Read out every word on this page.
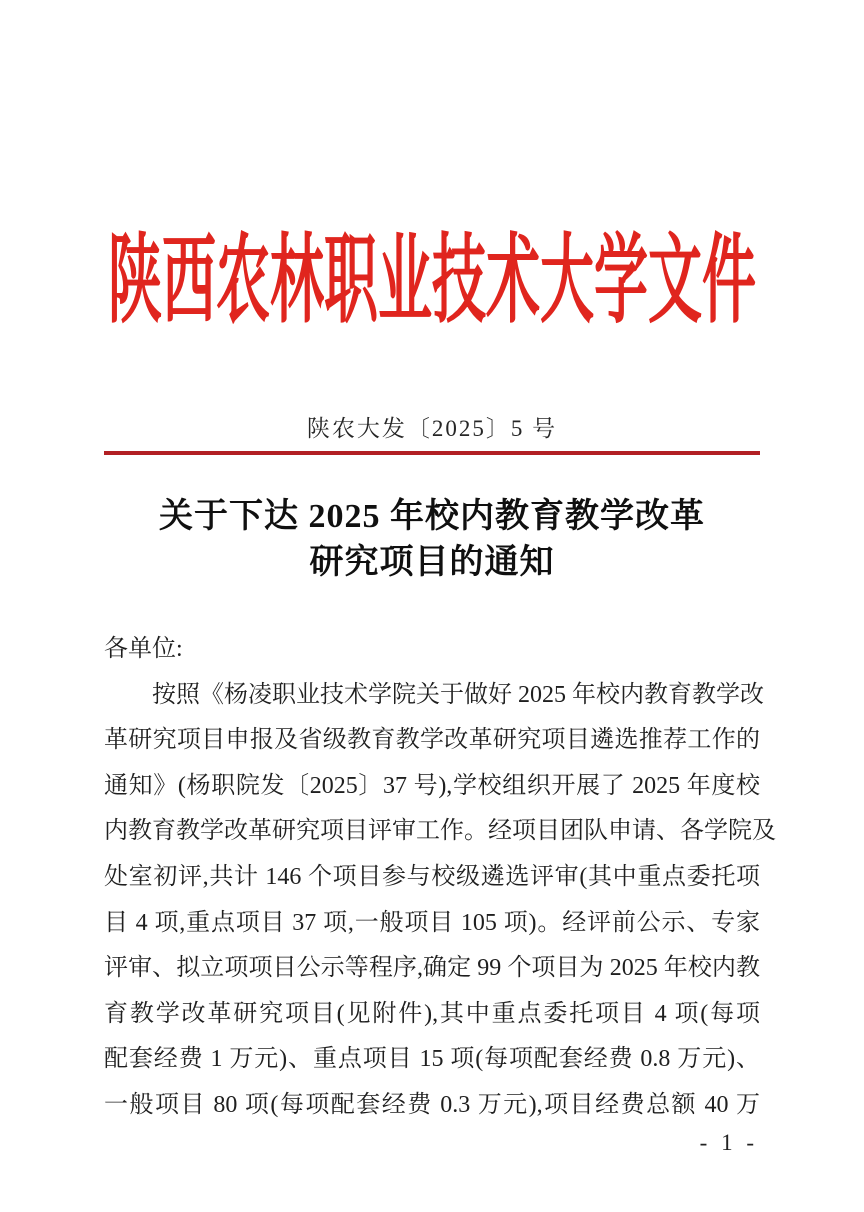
陕西农林职业技术大学文件
陕农大发〔2025〕5 号
关于下达 2025 年校内教育教学改革
研究项目的通知
各单位:
　　按照《杨凌职业技术学院关于做好 2025 年校内教育教学改
革研究项目申报及省级教育教学改革研究项目遴选推荐工作的
通知》(杨职院发〔2025〕37 号),学校组织开展了 2025 年度校
内教育教学改革研究项目评审工作。经项目团队申请、各学院及
处室初评,共计 146 个项目参与校级遴选评审(其中重点委托项
目 4 项,重点项目 37 项,一般项目 105 项)。经评前公示、专家
评审、拟立项项目公示等程序,确定 99 个项目为 2025 年校内教
育教学改革研究项目(见附件),其中重点委托项目 4 项(每项
配套经费 1 万元)、重点项目 15 项(每项配套经费 0.8 万元)、
一般项目 80 项(每项配套经费 0.3 万元),项目经费总额 40 万
- 1 -
